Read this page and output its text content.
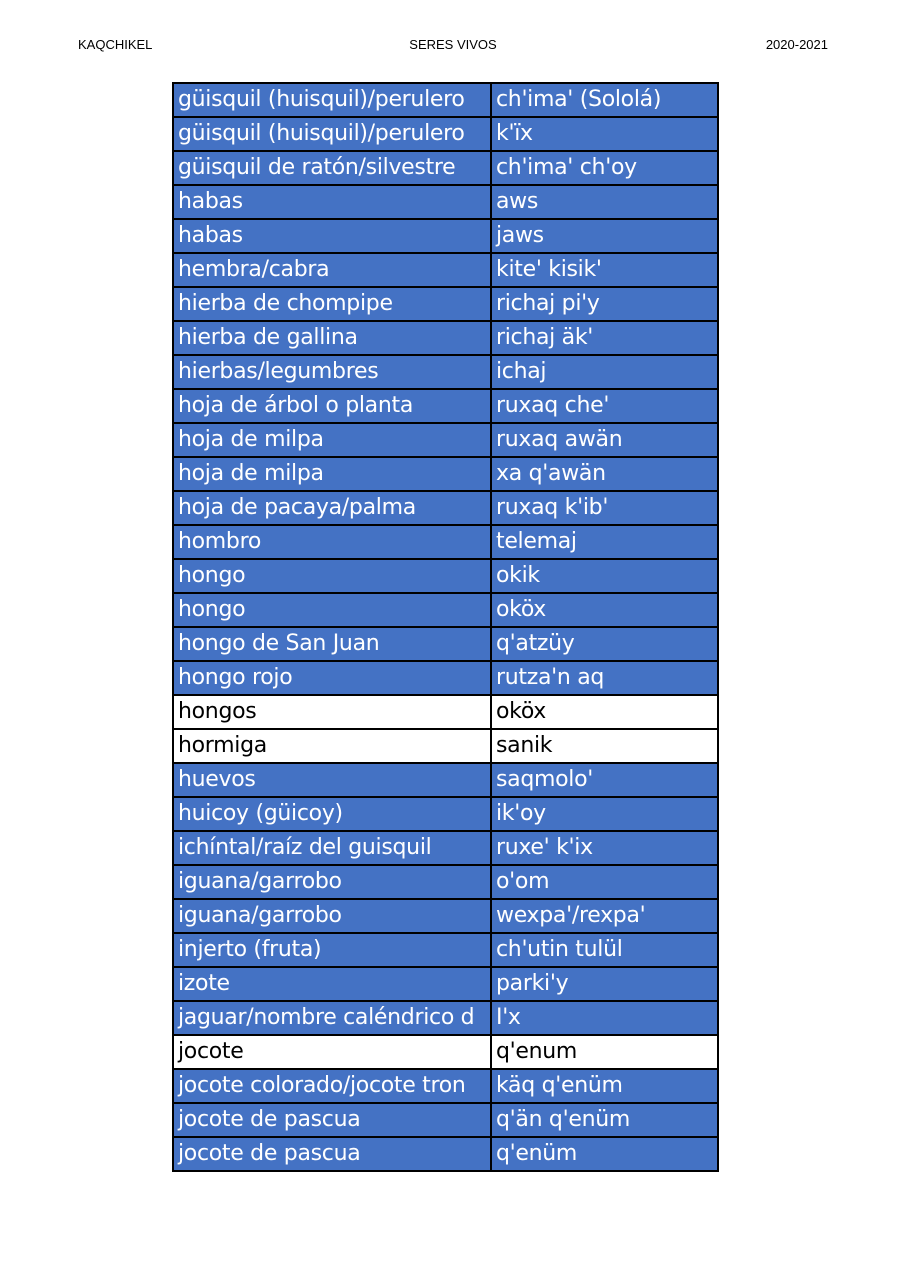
KAQCHIKEL	SERES VIVOS	2020-2021
güisquil (huisquil)/perulero	ch'ima' (Sololá)
güisquil (huisquil)/perulero	k'ïx
güisquil de ratón/silvestre	ch'ima' ch'oy
habas	aws
habas	jaws
hembra/cabra	kite' kisik'
hierba de chompipe	richaj pi'y
hierba de gallina	richaj äk'
hierbas/legumbres	ichaj
hoja de árbol o planta	ruxaq che'
hoja de milpa	ruxaq awän
hoja de milpa	xa q'awän
hoja de pacaya/palma	ruxaq k'ib'
hombro	telemaj
hongo	okik
hongo	oköx
hongo de San Juan	q'atzüy
hongo rojo	rutza'n aq
hongos	oköx
hormiga	sanik
huevos	saqmolo'
huicoy (güicoy)	ik'oy
ichíntal/raíz del guisquil	ruxe' k'ix
iguana/garrobo	o'om
iguana/garrobo	wexpa'/rexpa'
injerto (fruta)	ch'utin tulül
izote	parki'y
jaguar/nombre caléndrico d	I'x
jocote	q'enum
jocote colorado/jocote tron	käq q'enüm
jocote de pascua	q'än q'enüm
jocote de pascua	q'enüm
